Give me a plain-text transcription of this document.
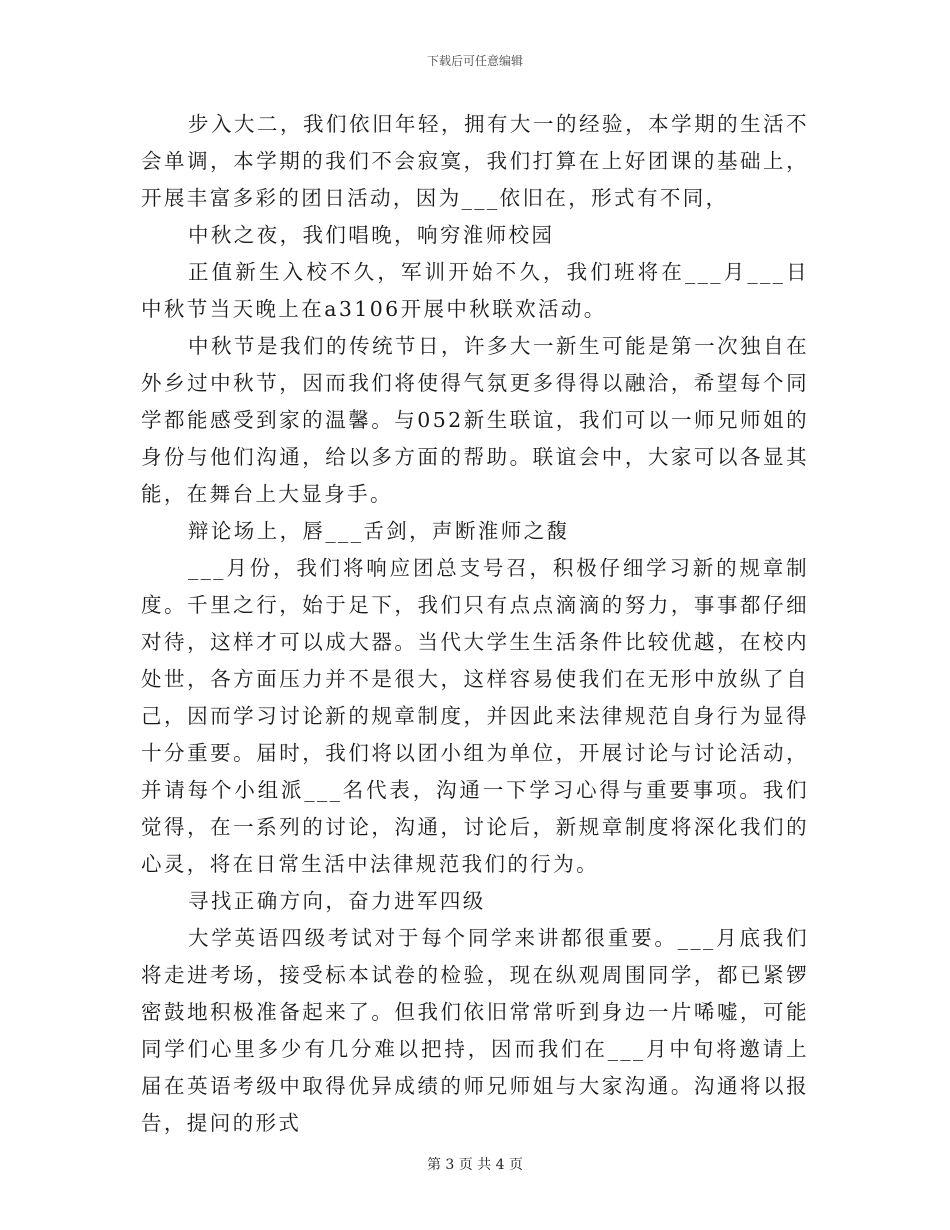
下载后可任意编辑

步入大二，我们依旧年轻，拥有大一的经验，本学期的生活不会单调，本学期的我们不会寂寞，我们打算在上好团课的基础上，开展丰富多彩的团日活动，因为___依旧在，形式有不同，

中秋之夜，我们唱晚，响穷淮师校园

正值新生入校不久，军训开始不久，我们班将在___月___日中秋节当天晚上在a3106开展中秋联欢活动。

中秋节是我们的传统节日，许多大一新生可能是第一次独自在外乡过中秋节，因而我们将使得气氛更多得得以融洽，希望每个同学都能感受到家的温馨。与052新生联谊，我们可以一师兄师姐的身份与他们沟通，给以多方面的帮助。联谊会中，大家可以各显其能，在舞台上大显身手。

辩论场上，唇___舌剑，声断淮师之馥

___月份，我们将响应团总支号召，积极仔细学习新的规章制度。千里之行，始于足下，我们只有点点滴滴的努力，事事都仔细对待，这样才可以成大器。当代大学生生活条件比较优越，在校内处世，各方面压力并不是很大，这样容易使我们在无形中放纵了自己，因而学习讨论新的规章制度，并因此来法律规范自身行为显得十分重要。届时，我们将以团小组为单位，开展讨论与讨论活动，并请每个小组派___名代表，沟通一下学习心得与重要事项。我们觉得，在一系列的讨论，沟通，讨论后，新规章制度将深化我们的心灵，将在日常生活中法律规范我们的行为。

寻找正确方向，奋力进军四级

大学英语四级考试对于每个同学来讲都很重要。___月底我们将走进考场，接受标本试卷的检验，现在纵观周围同学，都已紧锣密鼓地积极准备起来了。但我们依旧常常听到身边一片唏嘘，可能同学们心里多少有几分难以把持，因而我们在___月中旬将邀请上届在英语考级中取得优异成绩的师兄师姐与大家沟通。沟通将以报告，提问的形式

第 3 页 共 4 页
